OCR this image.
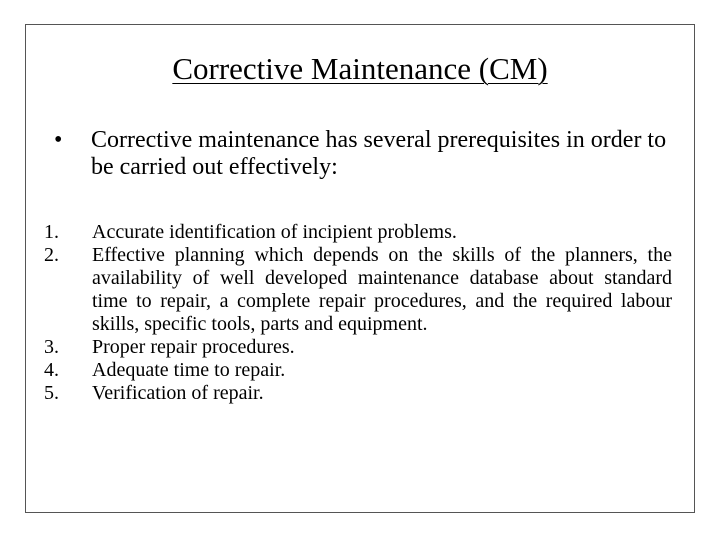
Corrective Maintenance (CM)
•	Corrective maintenance has several prerequisites in order to be carried out effectively:
1.	Accurate identification of incipient problems.
2.	Effective planning which depends on the skills of the planners, the availability of well developed maintenance database about standard time to repair, a complete repair procedures, and the required labour skills, specific tools, parts and equipment.
3.	Proper repair procedures.
4.	Adequate time to repair.
5.	Verification of repair.
